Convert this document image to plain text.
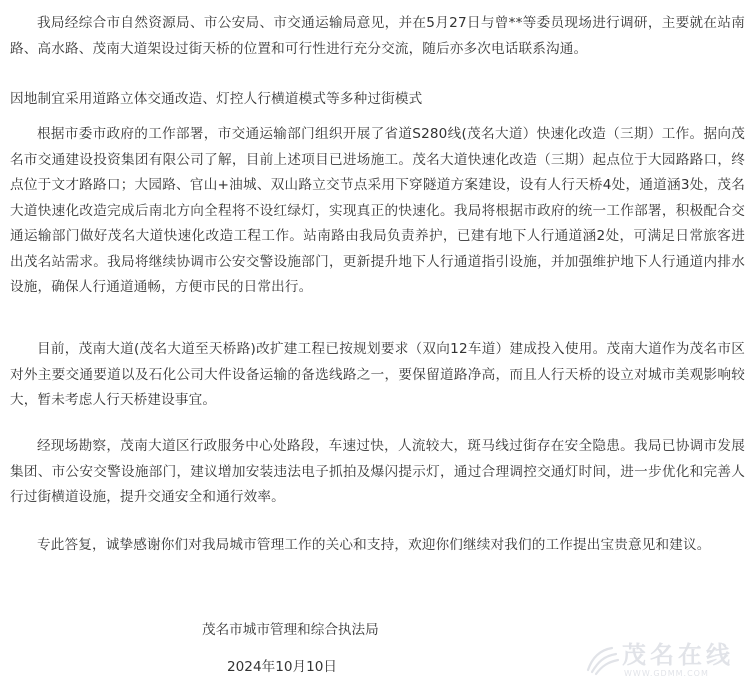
我局经综合市自然资源局、市公安局、市交通运输局意见，并在5月27日与曾**等委员现场进行调研，主要就在站南路、高水路、茂南大道架设过街天桥的位置和可行性进行充分交流，随后亦多次电话联系沟通。

因地制宜采用道路立体交通改造、灯控人行横道模式等多种过街模式

根据市委市政府的工作部署，市交通运输部门组织开展了省道S280线(茂名大道）快速化改造（三期）工作。据向茂名市交通建设投资集团有限公司了解，目前上述项目已进场施工。茂名大道快速化改造（三期）起点位于大园路路口，终点位于文才路路口；大园路、官山+油城、双山路立交节点采用下穿隧道方案建设，设有人行天桥4处，通道涵3处，茂名大道快速化改造完成后南北方向全程将不设红绿灯，实现真正的快速化。我局将根据市政府的统一工作部署，积极配合交通运输部门做好茂名大道快速化改造工程工作。站南路由我局负责养护，已建有地下人行通道涵2处，可满足日常旅客进出茂名站需求。我局将继续协调市公安交警设施部门，更新提升地下人行通道指引设施，并加强维护地下人行通道内排水设施，确保人行通道通畅，方便市民的日常出行。

目前，茂南大道(茂名大道至天桥路)改扩建工程已按规划要求（双向12车道）建成投入使用。茂南大道作为茂名市区对外主要交通要道以及石化公司大件设备运输的备选线路之一，要保留道路净高，而且人行天桥的设立对城市美观影响较大，暂未考虑人行天桥建设事宜。

经现场勘察，茂南大道区行政服务中心处路段，车速过快，人流较大，斑马线过街存在安全隐患。我局已协调市发展集团、市公安交警设施部门，建议增加安装违法电子抓拍及爆闪提示灯，通过合理调控交通灯时间，进一步优化和完善人行过街横道设施，提升交通安全和通行效率。

专此答复，诚挚感谢你们对我局城市管理工作的关心和支持，欢迎你们继续对我们的工作提出宝贵意见和建议。

茂名市城市管理和综合执法局

2024年10月10日	茂名在线
WWW.GDMM.COM
